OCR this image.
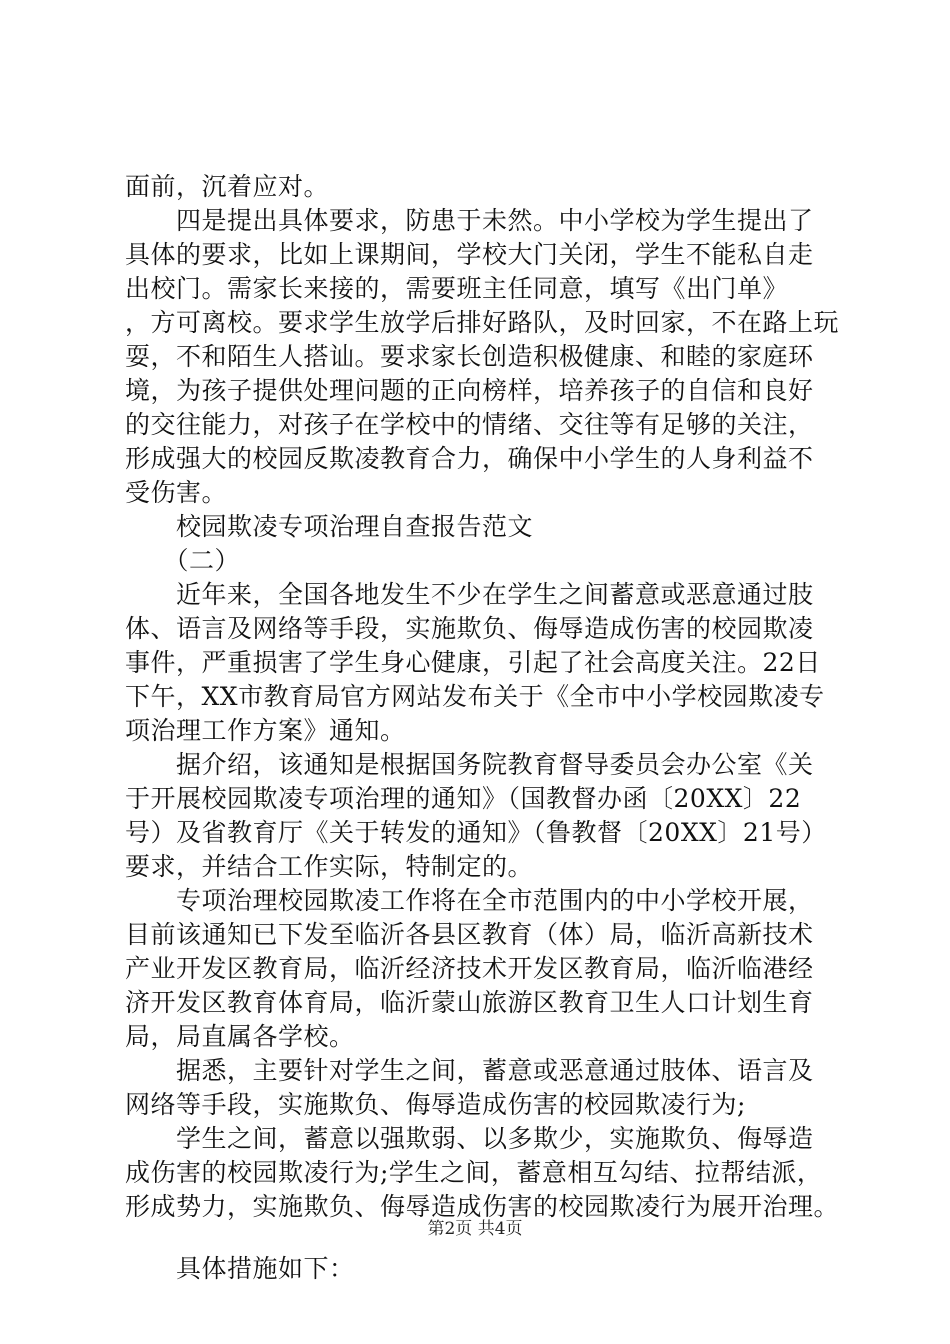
面前，沉着应对。
　　四是提出具体要求，防患于未然。中小学校为学生提出了
具体的要求，比如上课期间，学校大门关闭，学生不能私自走
出校门。需家长来接的，需要班主任同意，填写《出门单》
，方可离校。要求学生放学后排好路队，及时回家，不在路上玩
耍，不和陌生人搭讪。要求家长创造积极健康、和睦的家庭环
境，为孩子提供处理问题的正向榜样，培养孩子的自信和良好
的交往能力，对孩子在学校中的情绪、交往等有足够的关注，
形成强大的校园反欺凌教育合力，确保中小学生的人身利益不
受伤害。
　　校园欺凌专项治理自查报告范文
　　（二）
　　近年来，全国各地发生不少在学生之间蓄意或恶意通过肢
体、语言及网络等手段，实施欺负、侮辱造成伤害的校园欺凌
事件，严重损害了学生身心健康，引起了社会高度关注。22日
下午，XX市教育局官方网站发布关于《全市中小学校园欺凌专
项治理工作方案》通知。
　　据介绍，该通知是根据国务院教育督导委员会办公室《关
于开展校园欺凌专项治理的通知》（国教督办函〔20XX〕22
号）及省教育厅《关于转发的通知》（鲁教督〔20XX〕21号）
要求，并结合工作实际，特制定的。
　　专项治理校园欺凌工作将在全市范围内的中小学校开展，
目前该通知已下发至临沂各县区教育（体）局，临沂高新技术
产业开发区教育局，临沂经济技术开发区教育局，临沂临港经
济开发区教育体育局，临沂蒙山旅游区教育卫生人口计划生育
局，局直属各学校。
　　据悉，主要针对学生之间，蓄意或恶意通过肢体、语言及
网络等手段，实施欺负、侮辱造成伤害的校园欺凌行为;
　　学生之间，蓄意以强欺弱、以多欺少，实施欺负、侮辱造
成伤害的校园欺凌行为;学生之间，蓄意相互勾结、拉帮结派，
形成势力，实施欺负、侮辱造成伤害的校园欺凌行为展开治理。
　　具体措施如下：
第2页 共4页
